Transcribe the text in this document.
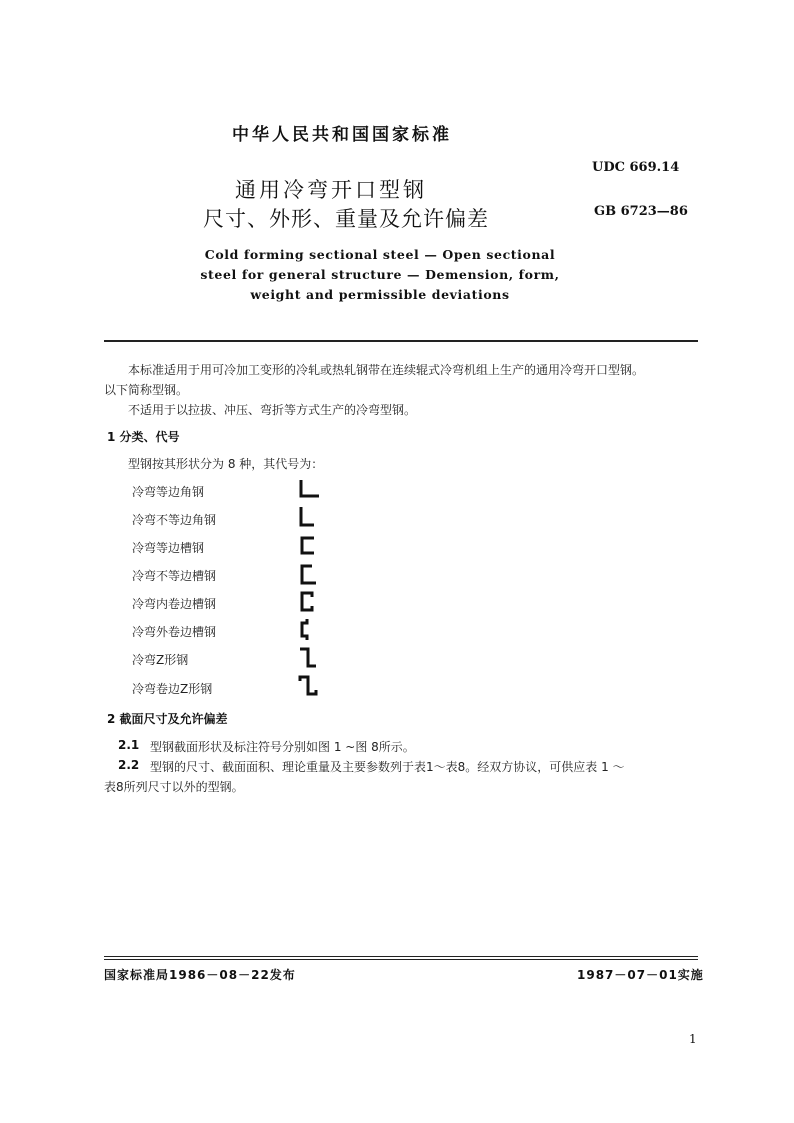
中华人民共和国国家标准
通用冷弯开口型钢
尺寸、外形、重量及允许偏差
UDC 669.14
GB 6723—86
Cold forming sectional steel — Open sectional
steel for general structure — Demension, form,
weight and permissible deviations
本标准适用于用可冷加工变形的冷轧或热轧钢带在连续辊式冷弯机组上生产的通用冷弯开口型钢。
以下简称型钢。
不适用于以拉拔、冲压、弯折等方式生产的冷弯型钢。
1 分类、代号
型钢按其形状分为 8 种，其代号为：
冷弯等边角钢
冷弯不等边角钢
冷弯等边槽钢
冷弯不等边槽钢
冷弯内卷边槽钢
冷弯外卷边槽钢
冷弯Z形钢
冷弯卷边Z形钢
2 截面尺寸及允许偏差
2.1 型钢截面形状及标注符号分别如图 1 ~图 8所示。
2.2 型钢的尺寸、截面面积、理论重量及主要参数列于表1～表8。经双方协议，可供应表 1 ～
表8所列尺寸以外的型钢。
国家标准局1986－08－22发布	1987－07－01实施
1
